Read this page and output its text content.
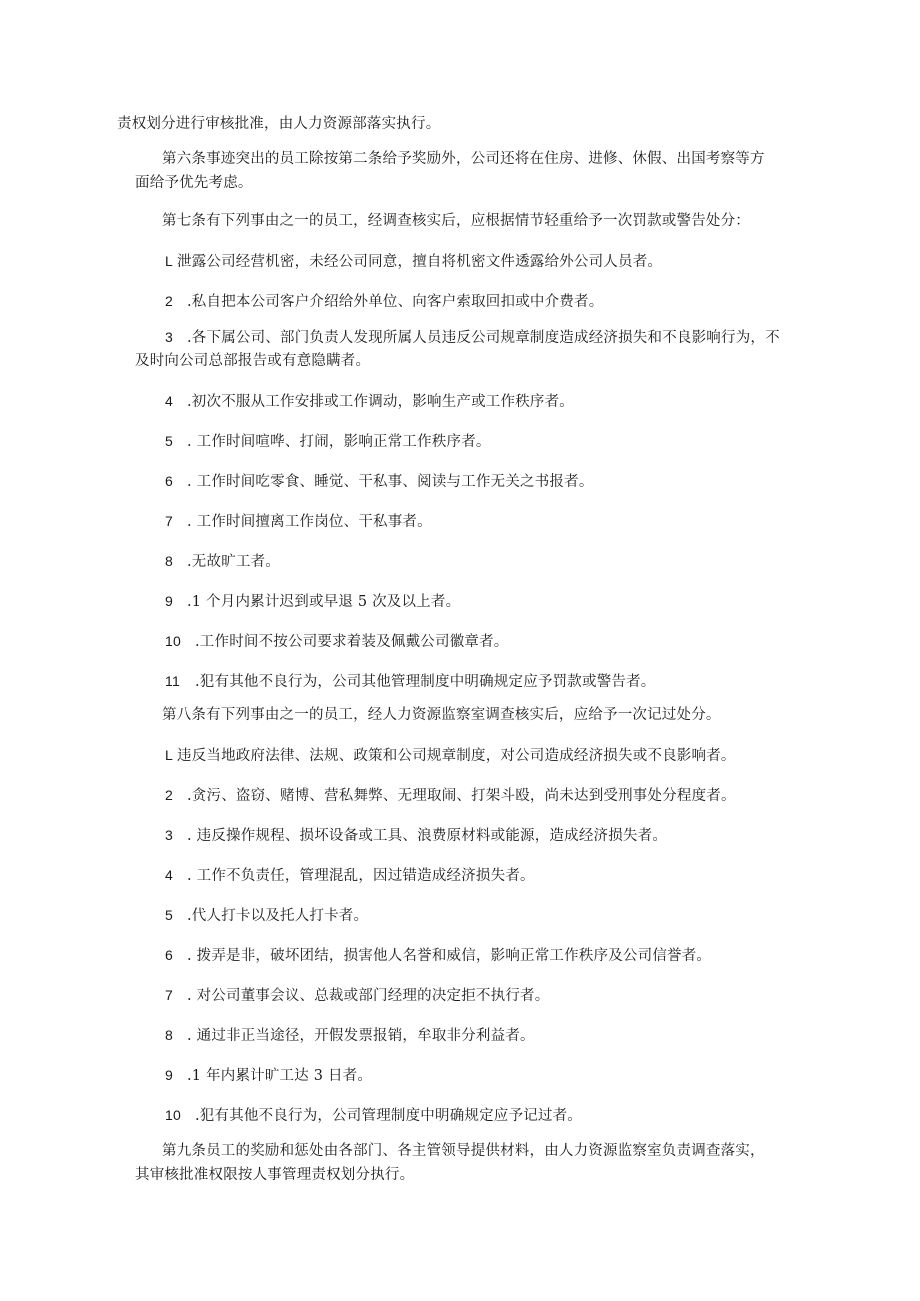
责权划分进行审核批准，由人力资源部落实执行。
第六条事迹突出的员工除按第二条给予奖励外，公司还将在住房、进修、休假、出国考察等方
面给予优先考虑。
第七条有下列事由之一的员工，经调查核实后，应根据情节轻重给予一次罚款或警告处分：
L 泄露公司经营机密，未经公司同意，擅自将机密文件透露给外公司人员者。
2 .私自把本公司客户介绍给外单位、向客户索取回扣或中介费者。
3 .各下属公司、部门负责人发现所属人员违反公司规章制度造成经济损失和不良影响行为，不
及时向公司总部报告或有意隐瞒者。
4 .初次不服从工作安排或工作调动，影响生产或工作秩序者。
5 . 工作时间喧哗、打闹，影响正常工作秩序者。
6 . 工作时间吃零食、睡觉、干私事、阅读与工作无关之书报者。
7 . 工作时间擅离工作岗位、干私事者。
8 .无故旷工者。
9 .1 个月内累计迟到或早退 5 次及以上者。
10 .工作时间不按公司要求着装及佩戴公司徽章者。
11 .犯有其他不良行为，公司其他管理制度中明确规定应予罚款或警告者。
第八条有下列事由之一的员工，经人力资源监察室调查核实后，应给予一次记过处分。
L 违反当地政府法律、法规、政策和公司规章制度，对公司造成经济损失或不良影响者。
2 .贪污、盗窃、赌博、营私舞弊、无理取闹、打架斗殴，尚未达到受刑事处分程度者。
3 . 违反操作规程、损坏设备或工具、浪费原材料或能源，造成经济损失者。
4 . 工作不负责任，管理混乱，因过错造成经济损失者。
5 .代人打卡以及托人打卡者。
6 . 拨弄是非，破坏团结，损害他人名誉和威信，影响正常工作秩序及公司信誉者。
7 . 对公司董事会议、总裁或部门经理的决定拒不执行者。
8 . 通过非正当途径，开假发票报销，牟取非分利益者。
9 .1 年内累计旷工达 3 日者。
10 .犯有其他不良行为，公司管理制度中明确规定应予记过者。
第九条员工的奖励和惩处由各部门、各主管领导提供材料，由人力资源监察室负责调查落实，
其审核批准权限按人事管理责权划分执行。
